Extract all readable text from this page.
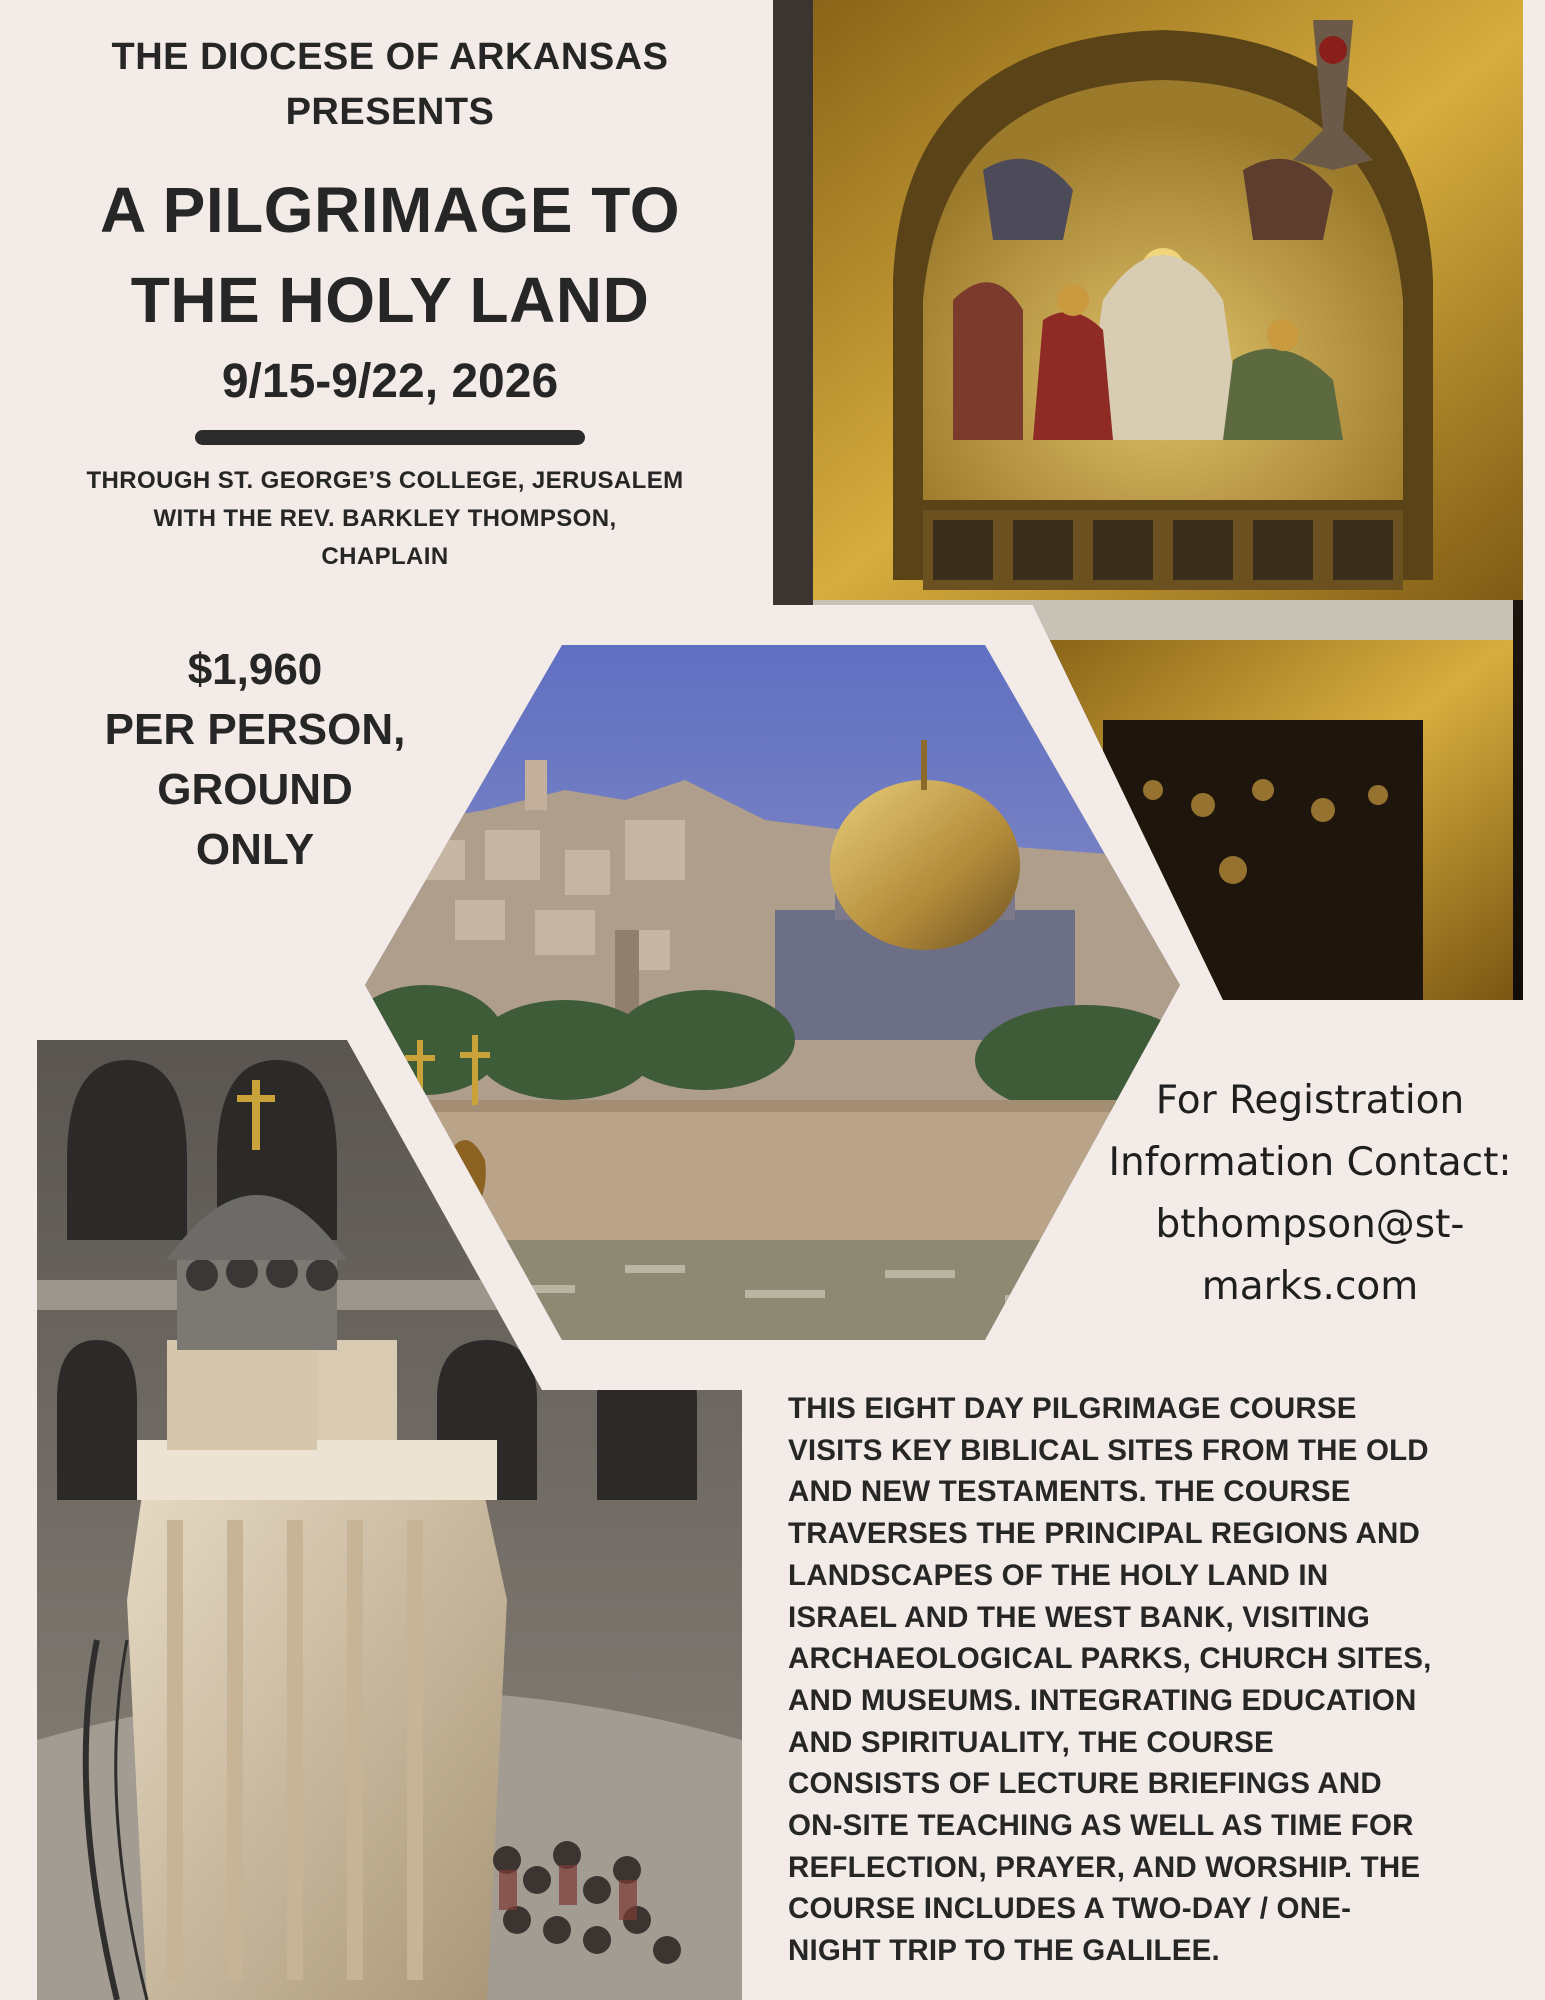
THE DIOCESE OF ARKANSAS
PRESENTS
A PILGRIMAGE TO
THE HOLY LAND
9/15-9/22, 2026
THROUGH ST. GEORGE’S COLLEGE, JERUSALEM
WITH THE REV. BARKLEY THOMPSON,
CHAPLAIN
$1,960
PER PERSON,
GROUND
ONLY
For Registration
Information Contact:
bthompson@st-
marks.com
THIS EIGHT DAY PILGRIMAGE COURSE
VISITS KEY BIBLICAL SITES FROM THE OLD
AND NEW TESTAMENTS. THE COURSE
TRAVERSES THE PRINCIPAL REGIONS AND
LANDSCAPES OF THE HOLY LAND IN
ISRAEL AND THE WEST BANK, VISITING
ARCHAEOLOGICAL PARKS, CHURCH SITES,
AND MUSEUMS. INTEGRATING EDUCATION
AND SPIRITUALITY, THE COURSE
CONSISTS OF LECTURE BRIEFINGS AND
ON-SITE TEACHING AS WELL AS TIME FOR
REFLECTION, PRAYER, AND WORSHIP. THE
COURSE INCLUDES A TWO-DAY / ONE-
NIGHT TRIP TO THE GALILEE.
